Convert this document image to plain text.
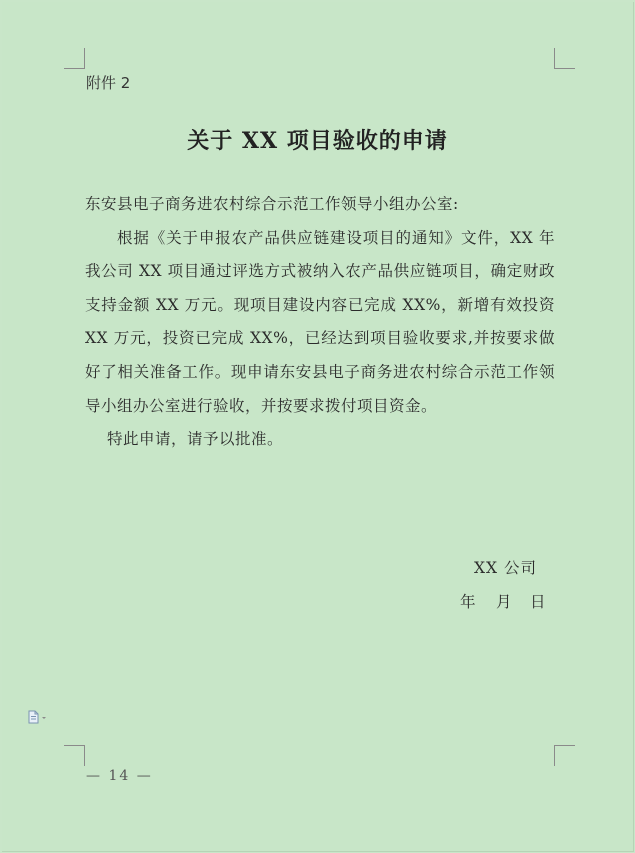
附件 2
关于 XX 项目验收的申请

东安县电子商务进农村综合示范工作领导小组办公室:

根据《关于申报农产品供应链建设项目的通知》文件，XX 年我公司 XX 项目通过评选方式被纳入农产品供应链项目，确定财政支持金额 XX 万元。现项目建设内容已完成 XX%，新增有效投资 XX 万元，投资已完成 XX%，已经达到项目验收要求,并按要求做好了相关准备工作。现申请东安县电子商务进农村综合示范工作领导小组办公室进行验收，并按要求拨付项目资金。

特此申请，请予以批准。

XX 公司
年	月	日
— 14 —
